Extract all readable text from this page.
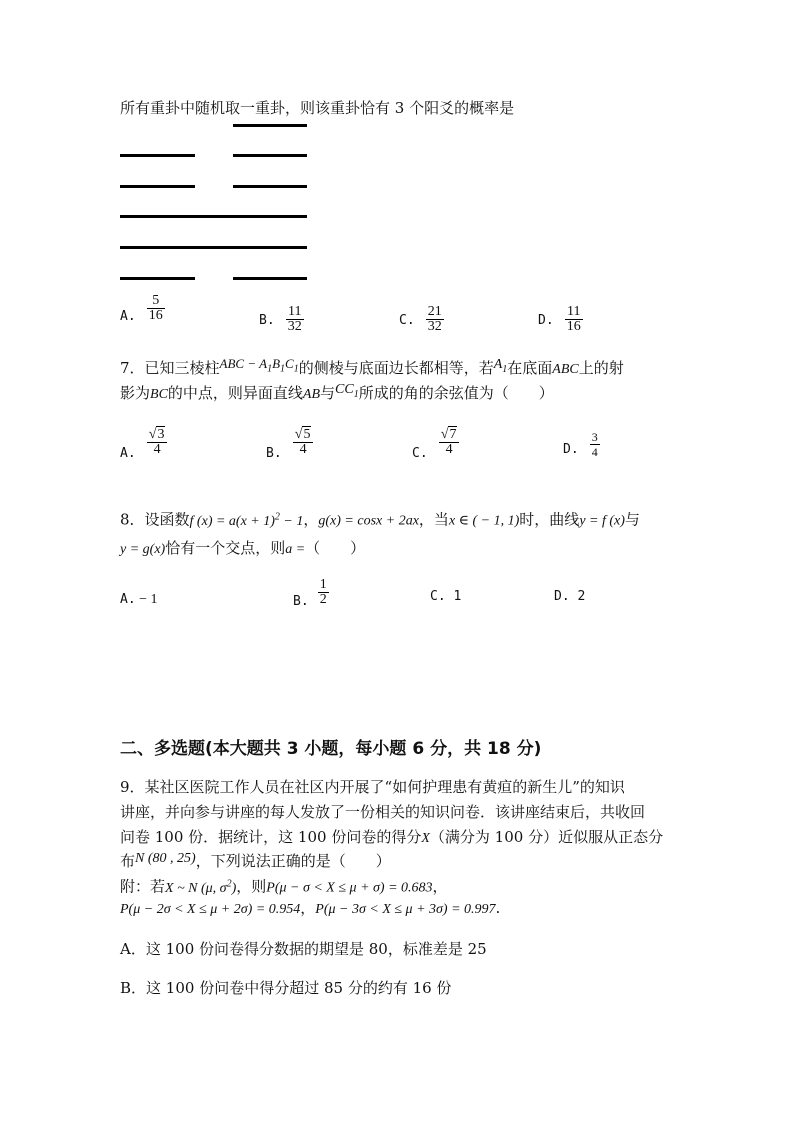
所有重卦中随机取一重卦，则该重卦恰有 3 个阳爻的概率是
A. $\frac{5}{16}$	B. $\frac{11}{32}$	C. $\frac{21}{32}$	D. $\frac{11}{16}$
7．已知三棱柱ABC − $A_1B_1C_1$的侧棱与底面边长都相等，若$A_1$在底面ABC上的射
影为BC的中点，则异面直线AB与$CC_1$所成的角的余弦值为（　　）
$_{A.} \frac{√3}{4}$	$_{B.} \frac{√5}{4}$	$_{C.} \frac{√7}{4}$	$_{D.} \frac{3}{4}$
8．设函数f $(x) = a(x + 1)^2 - 1$，g(x) = cosx + 2ax，当x ∈ ( − 1, 1)时，曲线y = f (x)与
y = g(x)恰有一个交点，则a =（　　）
A. − 1	$_{B.} \frac{1}{2}$	C. 1	D. 2
二、多选题(本大题共 3 小题，每小题 6 分，共 18 分)
9．某社区医院工作人员在社区内开展了“如何护理患有黄疸的新生儿”的知识
讲座，并向参与讲座的每人发放了一份相关的知识问卷．该讲座结束后，共收回
问卷 100 份．据统计，这 100 份问卷的得分X（满分为 100 分）近似服从正态分
布N (80 , 25)，下列说法正确的是（　　）
附：若X ~ N (μ, $\sigma^2$)，则P(μ − σ < X ≤ μ + σ) = 0.683，
P(μ − 2σ < X ≤ μ + 2σ) = 0.954，P(μ − 3σ < X ≤ μ + 3σ) = 0.997.
A．这 100 份问卷得分数据的期望是 80，标准差是 25
B．这 100 份问卷中得分超过 85 分的约有 16 份
